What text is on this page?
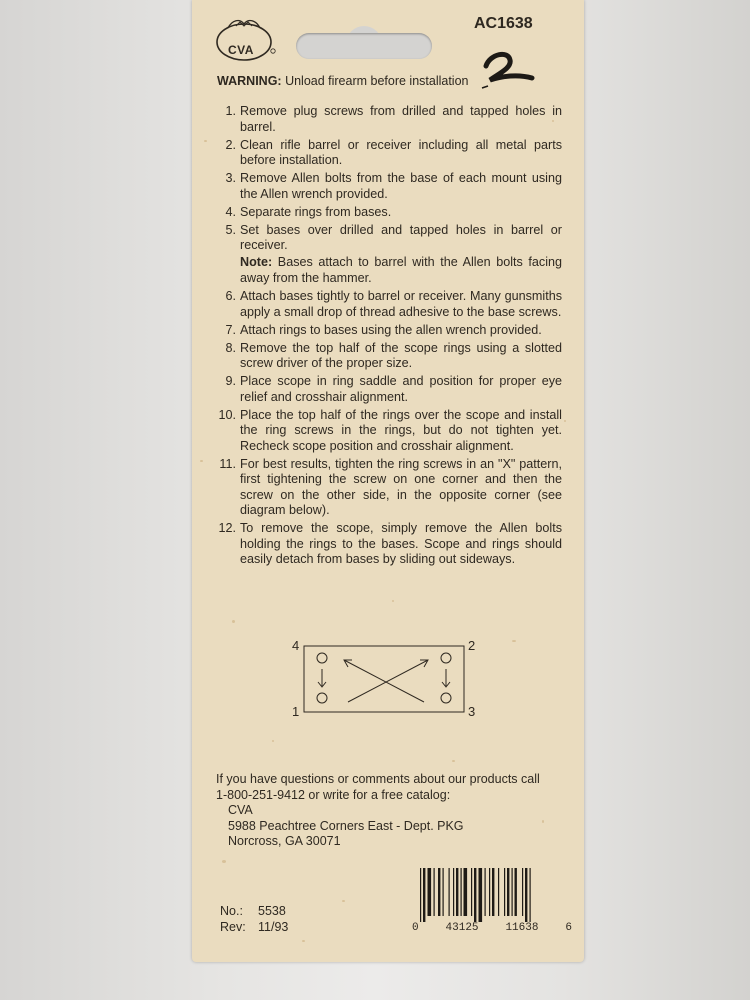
CVA
AC1638
WARNING: Unload firearm before installation
1. Remove plug screws from drilled and tapped holes in barrel.
2. Clean rifle barrel or receiver including all metal parts before installation.
3. Remove Allen bolts from the base of each mount using the Allen wrench provided.
4. Separate rings from bases.
5. Set bases over drilled and tapped holes in barrel or receiver.
Note: Bases attach to barrel with the Allen bolts facing away from the hammer.
6. Attach bases tightly to barrel or receiver. Many gunsmiths apply a small drop of thread adhesive to the base screws.
7. Attach rings to bases using the allen wrench provided.
8. Remove the top half of the scope rings using a slotted screw driver of the proper size.
9. Place scope in ring saddle and position for proper eye relief and crosshair alignment.
10. Place the top half of the rings over the scope and install the ring screws in the rings, but do not tighten yet. Recheck scope position and crosshair alignment.
11. For best results, tighten the ring screws in an "X" pattern, first tightening the screw on one corner and then the screw on the other side, in the opposite corner (see diagram below).
12. To remove the scope, simply remove the Allen bolts holding the rings to the bases. Scope and rings should easily detach from bases by sliding out sideways.
4	2
1	3
If you have questions or comments about our products call
1-800-251-9412 or write for a free catalog:
CVA
5988 Peachtree Corners East - Dept. PKG
Norcross, GA 30071
No.: 5538
Rev: 11/93	0 43125 11638 6
